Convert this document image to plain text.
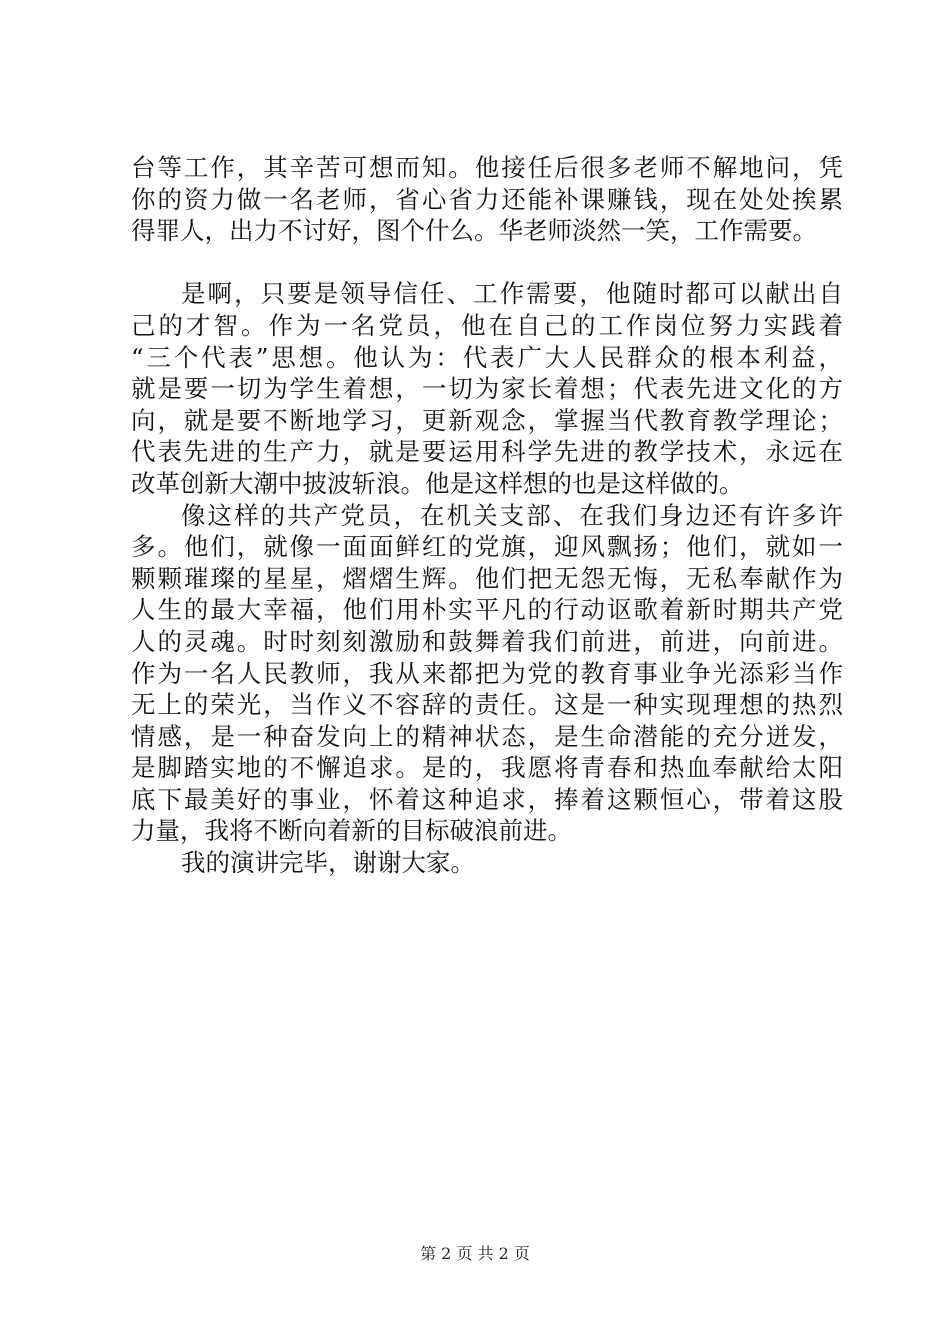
台等工作，其辛苦可想而知。他接任后很多老师不解地问，凭
你的资力做一名老师，省心省力还能补课赚钱，现在处处挨累
得罪人，出力不讨好，图个什么。华老师淡然一笑，工作需要。
是啊，只要是领导信任、工作需要，他随时都可以献出自
己的才智。作为一名党员，他在自己的工作岗位努力实践着
“三个代表”思想。他认为：代表广大人民群众的根本利益，
就是要一切为学生着想，一切为家长着想；代表先进文化的方
向，就是要不断地学习，更新观念，掌握当代教育教学理论；
代表先进的生产力，就是要运用科学先进的教学技术，永远在
改革创新大潮中披波斩浪。他是这样想的也是这样做的。
像这样的共产党员，在机关支部、在我们身边还有许多许
多。他们，就像一面面鲜红的党旗，迎风飘扬；他们，就如一
颗颗璀璨的星星，熠熠生辉。他们把无怨无悔，无私奉献作为
人生的最大幸福，他们用朴实平凡的行动讴歌着新时期共产党
人的灵魂。时时刻刻激励和鼓舞着我们前进，前进，向前进。
作为一名人民教师，我从来都把为党的教育事业争光添彩当作
无上的荣光，当作义不容辞的责任。这是一种实现理想的热烈
情感，是一种奋发向上的精神状态，是生命潜能的充分迸发，
是脚踏实地的不懈追求。是的，我愿将青春和热血奉献给太阳
底下最美好的事业，怀着这种追求，捧着这颗恒心，带着这股
力量，我将不断向着新的目标破浪前进。
我的演讲完毕，谢谢大家。
第 2 页 共 2 页
